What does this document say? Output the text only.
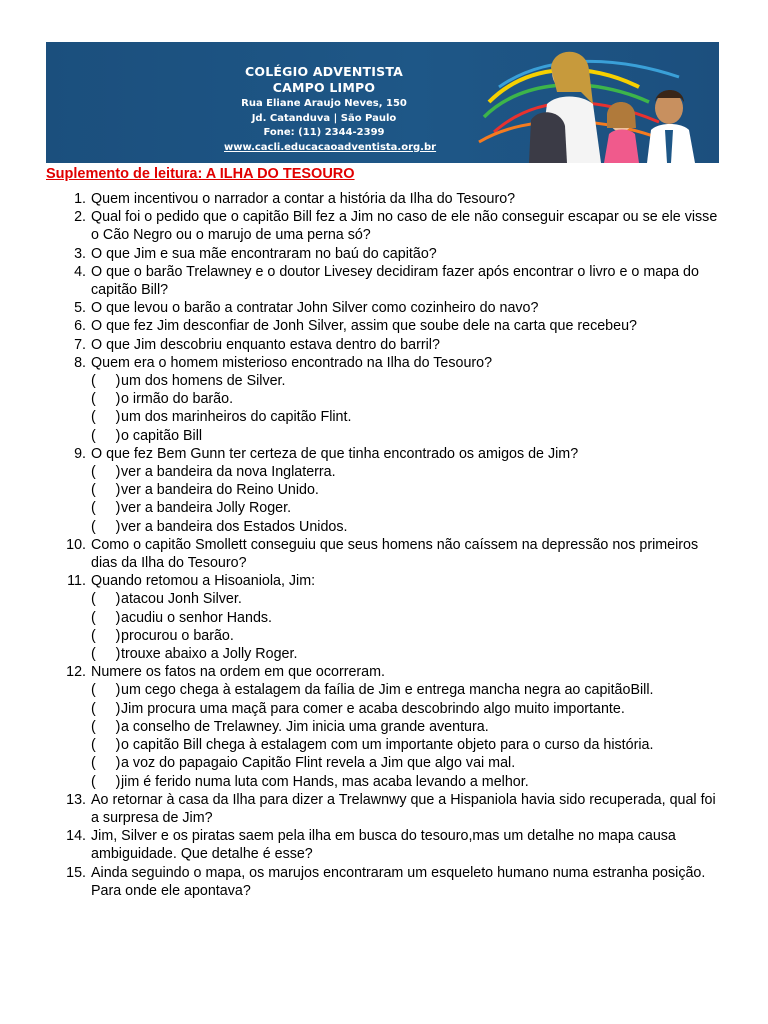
COLÉGIO ADVENTISTA
CAMPO LIMPO
Rua Eliane Araujo Neves, 150
Jd. Catanduva | São Paulo
Fone: (11) 2344-2399
www.cacli.educacaoadventista.org.br
Suplemento de leitura: A ILHA DO TESOURO
1. Quem incentivou o narrador a contar a história da Ilha do Tesouro?
2. Qual foi o pedido que o capitão Bill fez a Jim no caso de ele não conseguir escapar ou se ele visse o Cão Negro ou o marujo de uma perna só?
3. O que Jim e sua mãe encontraram no baú do capitão?
4. O que o barão Trelawney e o doutor Livesey decidiram fazer após encontrar o livro e o mapa do capitão Bill?
5. O que levou o barão a contratar John Silver como cozinheiro do navo?
6. O que fez Jim desconfiar de Jonh Silver, assim que soube dele na carta que recebeu?
7. O que Jim descobriu enquanto estava dentro do barril?
8. Quem era o homem misterioso encontrado na Ilha do Tesouro?
(     ) um dos homens de Silver.
(     ) o irmão do barão.
(     ) um dos marinheiros do capitão Flint.
(     ) o capitão Bill
9. O que fez Bem Gunn ter certeza de que tinha encontrado os amigos de Jim?
(     ) ver a bandeira da nova Inglaterra.
(     ) ver a bandeira do Reino Unido.
(     ) ver a bandeira Jolly Roger.
(     ) ver a bandeira dos Estados Unidos.
10. Como o capitão Smollett conseguiu que seus homens não caíssem na depressão nos primeiros dias da Ilha do Tesouro?
11. Quando retomou a Hisoaniola, Jim:
(     ) atacou Jonh Silver.
(     ) acudiu o senhor Hands.
(     ) procurou o barão.
(     ) trouxe abaixo a Jolly Roger.
12. Numere os fatos na ordem em que ocorreram.
(     ) um cego chega à estalagem da faília de Jim e entrega mancha negra ao capitãoBill.
(     ) Jim procura uma maçã para comer e acaba descobrindo algo muito importante.
(     ) a conselho de Trelawney. Jim inicia uma grande aventura.
(     ) o capitão Bill chega à estalagem com um importante objeto para o curso da história.
(     ) a voz do papagaio Capitão Flint revela a Jim que algo vai mal.
(     ) jim é ferido numa luta com Hands, mas acaba levando a melhor.
13. Ao retornar à casa da Ilha para dizer a Trelawnwy que a Hispaniola havia sido recuperada, qual foi a surpresa de Jim?
14. Jim, Silver e os piratas saem pela ilha em busca do tesouro,mas um detalhe no mapa causa ambiguidade. Que detalhe é esse?
15. Ainda seguindo o mapa, os marujos encontraram um esqueleto humano numa estranha posição. Para onde ele apontava?
